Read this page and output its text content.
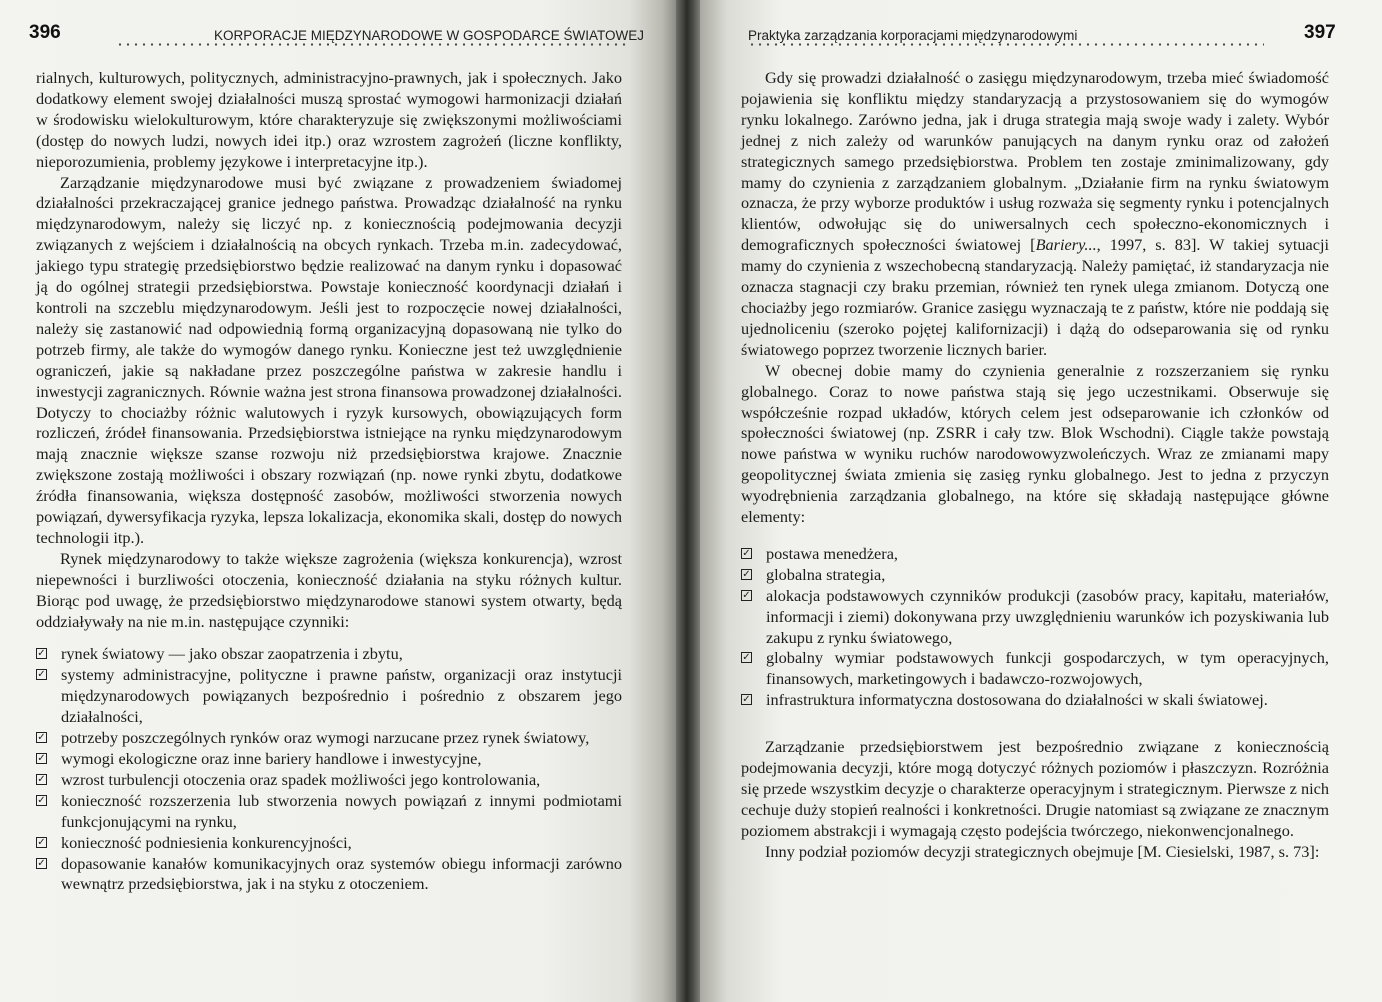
396	KORPORACJE MIĘDZYNARODOWE W GOSPODARCE ŚWIATOWEJ

rialnych, kulturowych, politycznych, administracyjno-prawnych, jak i społecznych. Jako dodatkowy element swojej działalności muszą sprostać wymogowi harmonizacji działań w środowisku wielokulturowym, które charakteryzuje się zwiększonymi możliwościami (dostęp do nowych ludzi, nowych idei itp.) oraz wzrostem zagrożeń (liczne konflikty, nieporozumienia, problemy językowe i interpretacyjne itp.).

Zarządzanie międzynarodowe musi być związane z prowadzeniem świadomej działalności przekraczającej granice jednego państwa. Prowadząc działalność na rynku międzynarodowym, należy się liczyć np. z koniecznością podejmowania decyzji związanych z wejściem i działalnością na obcych rynkach. Trzeba m.in. zadecydować, jakiego typu strategię przedsiębiorstwo będzie realizować na danym rynku i dopasować ją do ogólnej strategii przedsiębiorstwa. Powstaje konieczność koordynacji działań i kontroli na szczeblu międzynarodowym. Jeśli jest to rozpoczęcie nowej działalności, należy się zastanowić nad odpowiednią formą organizacyjną dopasowaną nie tylko do potrzeb firmy, ale także do wymogów danego rynku. Konieczne jest też uwzględnienie ograniczeń, jakie są nakładane przez poszczególne państwa w zakresie handlu i inwestycji zagranicznych. Równie ważna jest strona finansowa prowadzonej działalności. Dotyczy to chociażby różnic walutowych i ryzyk kursowych, obowiązujących form rozliczeń, źródeł finansowania. Przedsiębiorstwa istniejące na rynku międzynarodowym mają znacznie większe szanse rozwoju niż przedsiębiorstwa krajowe. Znacznie zwiększone zostają możliwości i obszary rozwiązań (np. nowe rynki zbytu, dodatkowe źródła finansowania, większa dostępność zasobów, możliwości stworzenia nowych powiązań, dywersyfikacja ryzyka, lepsza lokalizacja, ekonomika skali, dostęp do nowych technologii itp.).

Rynek międzynarodowy to także większe zagrożenia (większa konkurencja), wzrost niepewności i burzliwości otoczenia, konieczność działania na styku różnych kultur. Biorąc pod uwagę, że przedsiębiorstwo międzynarodowe stanowi system otwarty, będą oddziaływały na nie m.in. następujące czynniki:

✓ rynek światowy — jako obszar zaopatrzenia i zbytu,
✓ systemy administracyjne, polityczne i prawne państw, organizacji oraz instytucji międzynarodowych powiązanych bezpośrednio i pośrednio z obszarem jego działalności,
✓ potrzeby poszczególnych rynków oraz wymogi narzucane przez rynek światowy,
✓ wymogi ekologiczne oraz inne bariery handlowe i inwestycyjne,
✓ wzrost turbulencji otoczenia oraz spadek możliwości jego kontrolowania,
✓ konieczność rozszerzenia lub stworzenia nowych powiązań z innymi podmiotami funkcjonującymi na rynku,
✓ konieczność podniesienia konkurencyjności,
✓ dopasowanie kanałów komunikacyjnych oraz systemów obiegu informacji zarówno wewnątrz przedsiębiorstwa, jak i na styku z otoczeniem.
Praktyka zarządzania korporacjami międzynarodowymi	397

Gdy się prowadzi działalność o zasięgu międzynarodowym, trzeba mieć świadomość pojawienia się konfliktu między standaryzacją a przystosowaniem się do wymogów rynku lokalnego. Zarówno jedna, jak i druga strategia mają swoje wady i zalety. Wybór jednej z nich zależy od warunków panujących na danym rynku oraz od założeń strategicznych samego przedsiębiorstwa. Problem ten zostaje zminimalizowany, gdy mamy do czynienia z zarządzaniem globalnym. „Działanie firm na rynku światowym oznacza, że przy wyborze produktów i usług rozważa się segmenty rynku i potencjalnych klientów, odwołując się do uniwersalnych cech społeczno-ekonomicznych i demograficznych społeczności światowej [Bariery..., 1997, s. 83]. W takiej sytuacji mamy do czynienia z wszechobecną standaryzacją. Należy pamiętać, iż standaryzacja nie oznacza stagnacji czy braku przemian, również ten rynek ulega zmianom. Dotyczą one chociażby jego rozmiarów. Granice zasięgu wyznaczają te z państw, które nie poddają się ujednoliceniu (szeroko pojętej kalifornizacji) i dążą do odseparowania się od rynku światowego poprzez tworzenie licznych barier.

W obecnej dobie mamy do czynienia generalnie z rozszerzaniem się rynku globalnego. Coraz to nowe państwa stają się jego uczestnikami. Obserwuje się współcześnie rozpad układów, których celem jest odseparowanie ich członków od społeczności światowej (np. ZSRR i cały tzw. Blok Wschodni). Ciągle także powstają nowe państwa w wyniku ruchów narodowowyzwoleńczych. Wraz ze zmianami mapy geopolitycznej świata zmienia się zasięg rynku globalnego. Jest to jedna z przyczyn wyodrębnienia zarządzania globalnego, na które się składają następujące główne elementy:

✓ postawa menedżera,
✓ globalna strategia,
✓ alokacja podstawowych czynników produkcji (zasobów pracy, kapitału, materiałów, informacji i ziemi) dokonywana przy uwzględnieniu warunków ich pozyskiwania lub zakupu z rynku światowego,
✓ globalny wymiar podstawowych funkcji gospodarczych, w tym operacyjnych, finansowych, marketingowych i badawczo-rozwojowych,
✓ infrastruktura informatyczna dostosowana do działalności w skali światowej.

Zarządzanie przedsiębiorstwem jest bezpośrednio związane z koniecznością podejmowania decyzji, które mogą dotyczyć różnych poziomów i płaszczyzn. Rozróżnia się przede wszystkim decyzje o charakterze operacyjnym i strategicznym. Pierwsze z nich cechuje duży stopień realności i konkretności. Drugie natomiast są związane ze znacznym poziomem abstrakcji i wymagają często podejścia twórczego, niekonwencjonalnego.

Inny podział poziomów decyzji strategicznych obejmuje [M. Ciesielski, 1987, s. 73]:
